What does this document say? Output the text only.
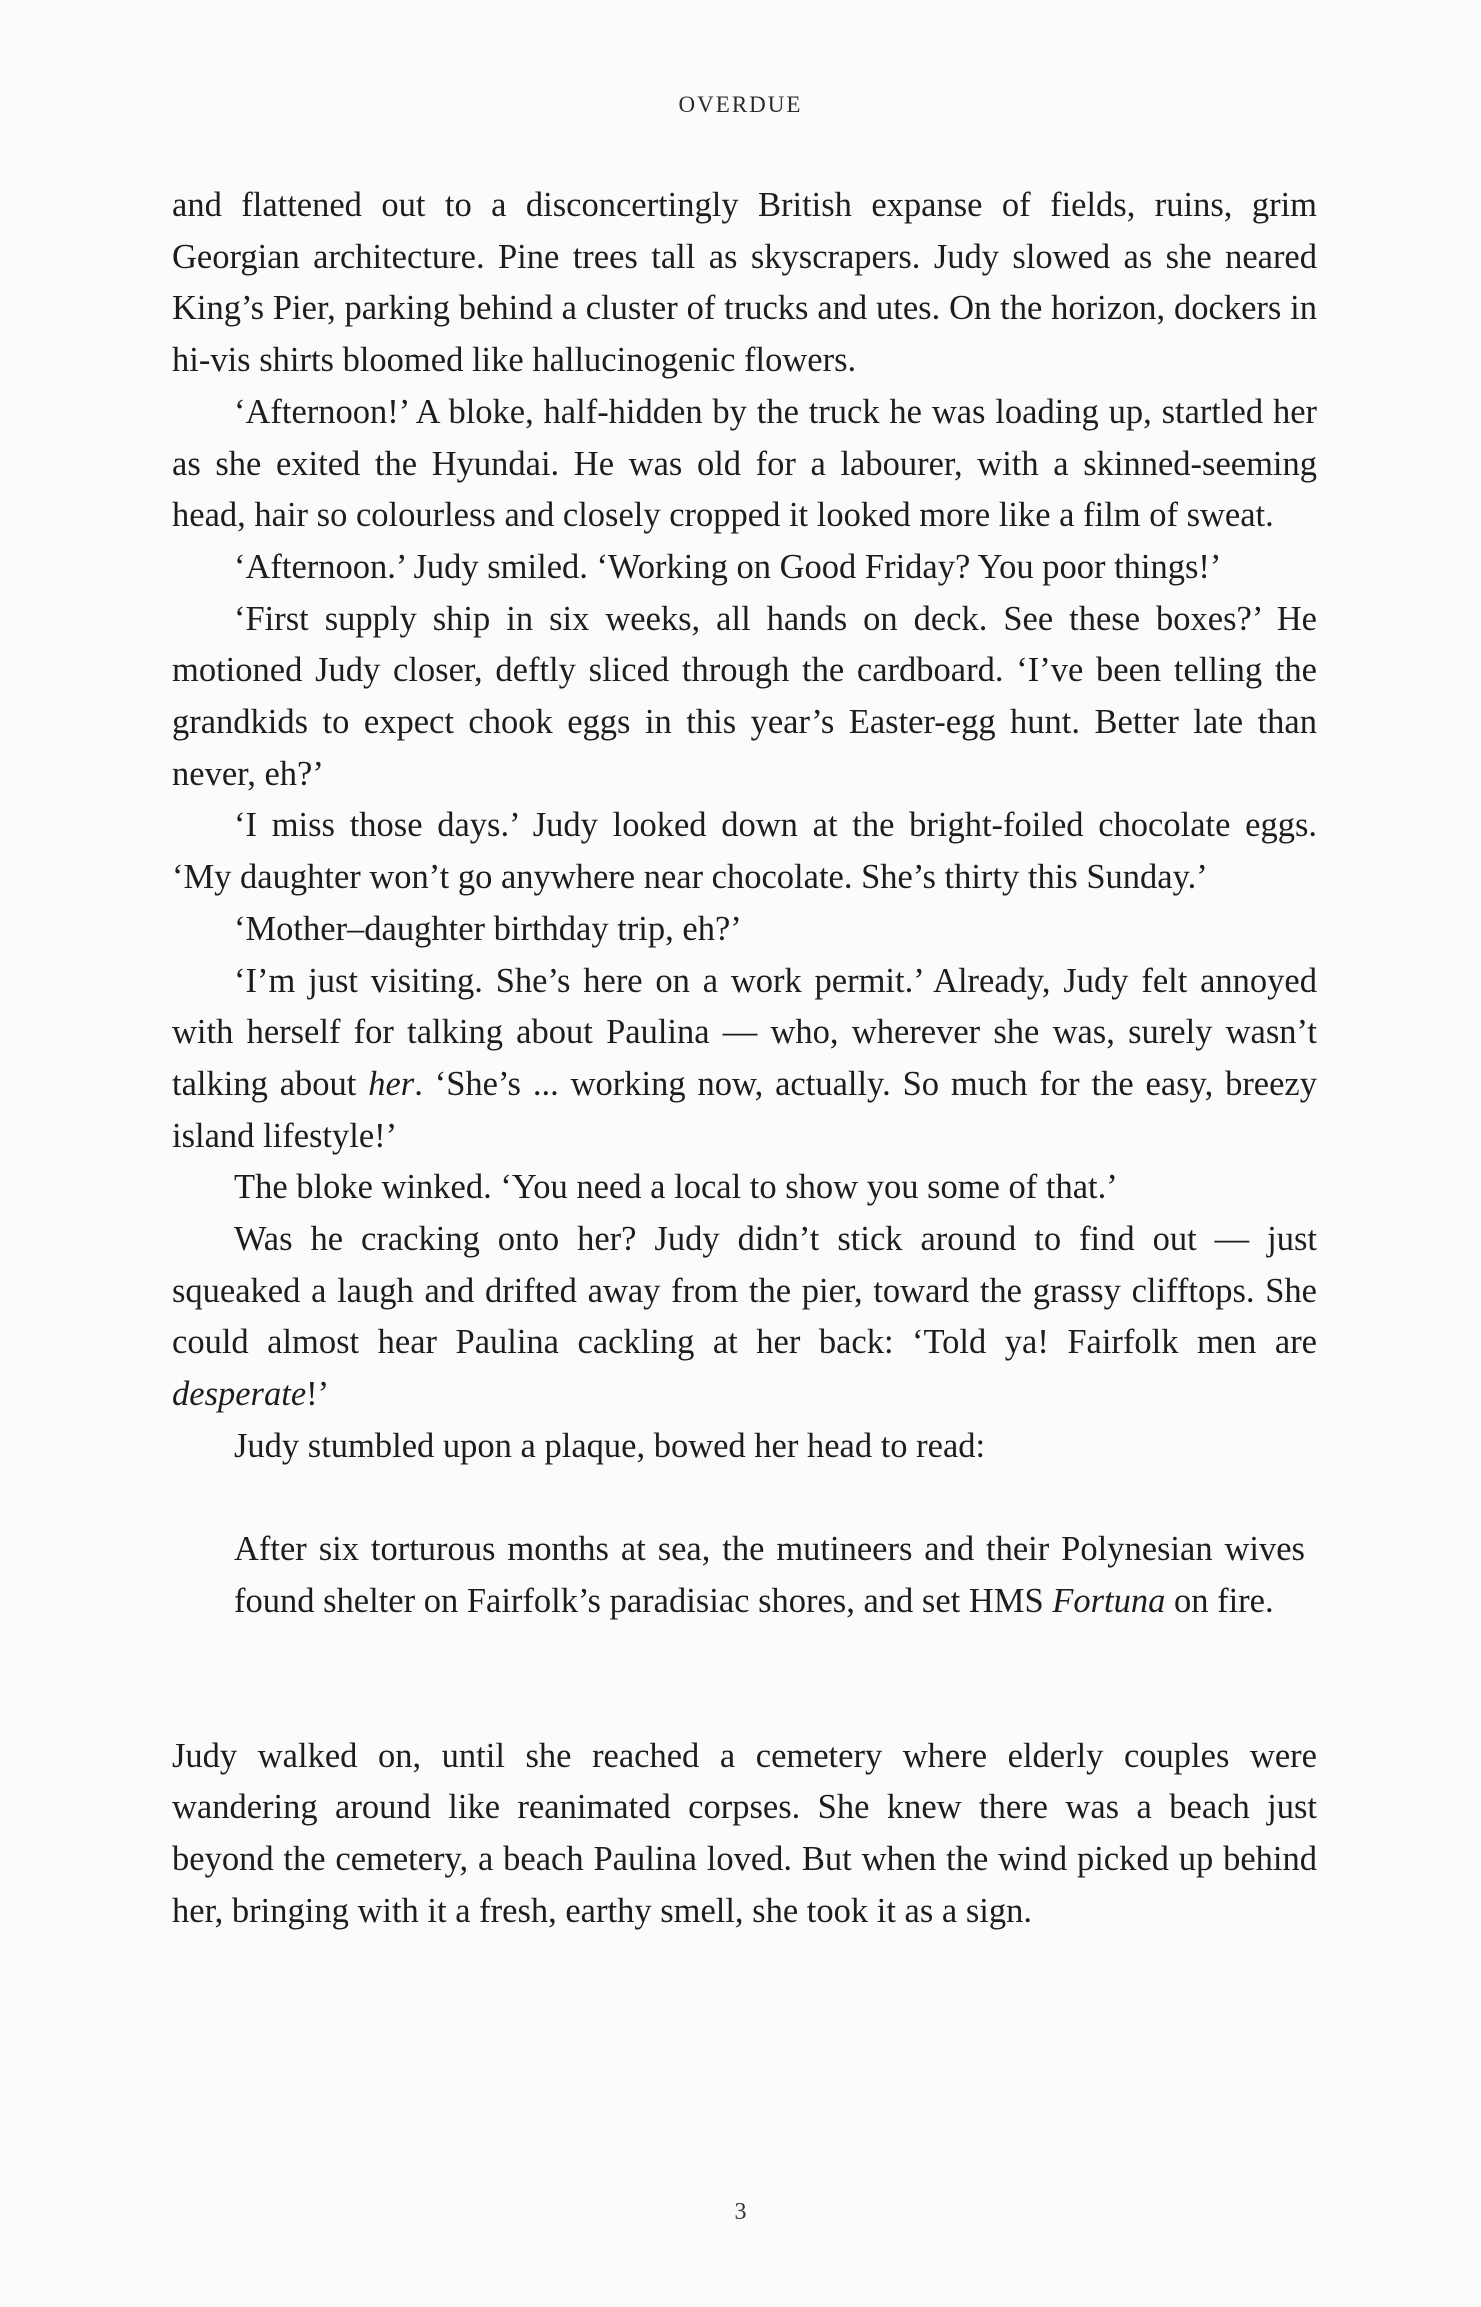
OVERDUE

and flattened out to a disconcertingly British expanse of fields, ruins, grim Georgian architecture. Pine trees tall as skyscrapers. Judy slowed as she neared King’s Pier, parking behind a cluster of trucks and utes. On the horizon, dockers in hi-vis shirts bloomed like hallucinogenic flowers.

‘Afternoon!’ A bloke, half-hidden by the truck he was loading up, startled her as she exited the Hyundai. He was old for a labourer, with a skinned-seeming head, hair so colourless and closely cropped it looked more like a film of sweat.

‘Afternoon.’ Judy smiled. ‘Working on Good Friday? You poor things!’

‘First supply ship in six weeks, all hands on deck. See these boxes?’ He motioned Judy closer, deftly sliced through the cardboard. ‘I’ve been telling the grandkids to expect chook eggs in this year’s Easter-egg hunt. Better late than never, eh?’

‘I miss those days.’ Judy looked down at the bright-foiled chocolate eggs. ‘My daughter won’t go anywhere near chocolate. She’s thirty this Sunday.’

‘Mother–daughter birthday trip, eh?’

‘I’m just visiting. She’s here on a work permit.’ Already, Judy felt annoyed with herself for talking about Paulina — who, wherever she was, surely wasn’t talking about her. ‘She’s ... working now, actually. So much for the easy, breezy island lifestyle!’

The bloke winked. ‘You need a local to show you some of that.’

Was he cracking onto her? Judy didn’t stick around to find out — just squeaked a laugh and drifted away from the pier, toward the grassy clifftops. She could almost hear Paulina cackling at her back: ‘Told ya! Fairfolk men are desperate!’

Judy stumbled upon a plaque, bowed her head to read:

After six torturous months at sea, the mutineers and their Polynesian wives found shelter on Fairfolk’s paradisiac shores, and set HMS Fortuna on fire.

Judy walked on, until she reached a cemetery where elderly couples were wandering around like reanimated corpses. She knew there was a beach just beyond the cemetery, a beach Paulina loved. But when the wind picked up behind her, bringing with it a fresh, earthy smell, she took it as a sign.

3
